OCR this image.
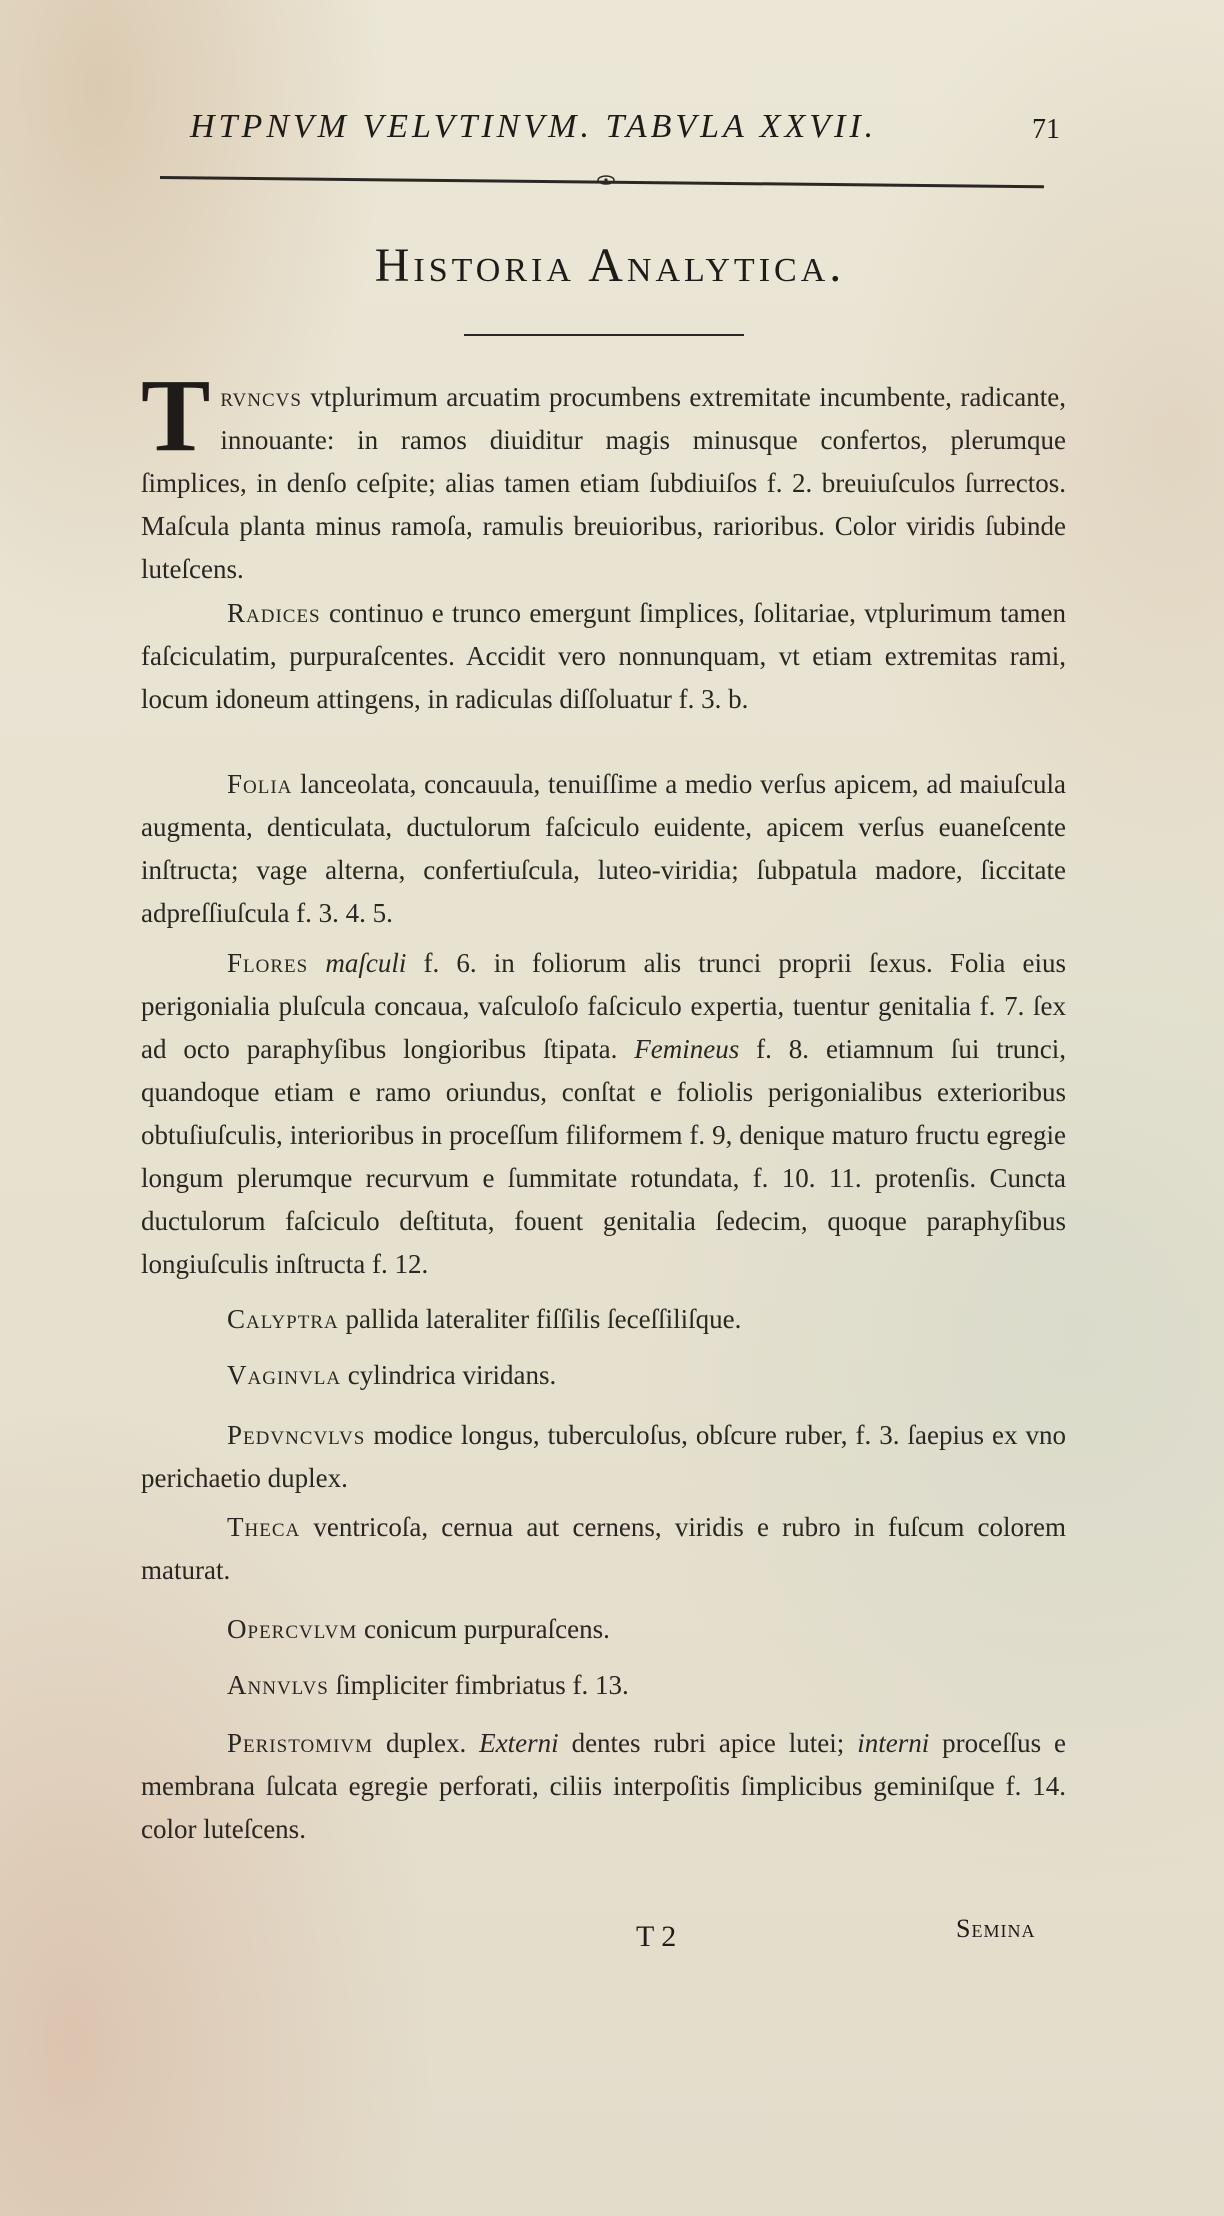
HTPNVM VELVTINVM. TABVLA XXVII.	71
Historia Analytica.
Trvncvs vtplurimum arcuatim procumbens extremitate incumbente, radicante, innouante: in ramos diuiditur magis minusque confertos, plerumque ſimplices, in denſo ceſpite; alias tamen etiam ſubdiuiſos f. 2. breuiuſculos ſurrectos. Maſcula planta minus ramoſa, ramulis breuioribus, rarioribus. Color viridis ſubinde luteſcens.
Radices continuo e trunco emergunt ſimplices, ſolitariae, vtplurimum tamen faſciculatim, purpuraſcentes. Accidit vero nonnunquam, vt etiam extremitas rami, locum idoneum attingens, in radiculas diſſoluatur f. 3. b.
Folia lanceolata, concauula, tenuiſſime a medio verſus apicem, ad maiuſcula augmenta, denticulata, ductulorum faſciculo euidente, apicem verſus euaneſcente inſtructa; vage alterna, confertiuſcula, luteo-viridia; ſubpatula madore, ſiccitate adpreſſiuſcula f. 3. 4. 5.
Flores maſculi f. 6. in foliorum alis trunci proprii ſexus. Folia eius perigonialia pluſcula concaua, vaſculoſo faſciculo expertia, tuentur genitalia f. 7. ſex ad octo paraphyſibus longioribus ſtipata. Femineus f. 8. etiamnum ſui trunci, quandoque etiam e ramo oriundus, conſtat e foliolis perigonialibus exterioribus obtuſiuſculis, interioribus in proceſſum filiformem f. 9, denique maturo fructu egregie longum plerumque recurvum e ſummitate rotundata, f. 10. 11. protenſis. Cuncta ductulorum faſciculo deſtituta, fouent genitalia ſedecim, quoque paraphyſibus longiuſculis inſtructa f. 12.
Calyptra pallida lateraliter fiſſilis ſeceſſiliſque.
Vaginvla cylindrica viridans.
Pedvncvlvs modice longus, tuberculoſus, obſcure ruber, f. 3. ſaepius ex vno perichaetio duplex.
Theca ventricoſa, cernua aut cernens, viridis e rubro in fuſcum colorem maturat.
Opercvlvm conicum purpuraſcens.
Annvlvs ſimpliciter fimbriatus f. 13.
Peristomivm duplex. Externi dentes rubri apice lutei; interni proceſſus e membrana ſulcata egregie perforati, ciliis interpoſitis ſimplicibus geminiſque f. 14. color luteſcens.
T 2	Semina
